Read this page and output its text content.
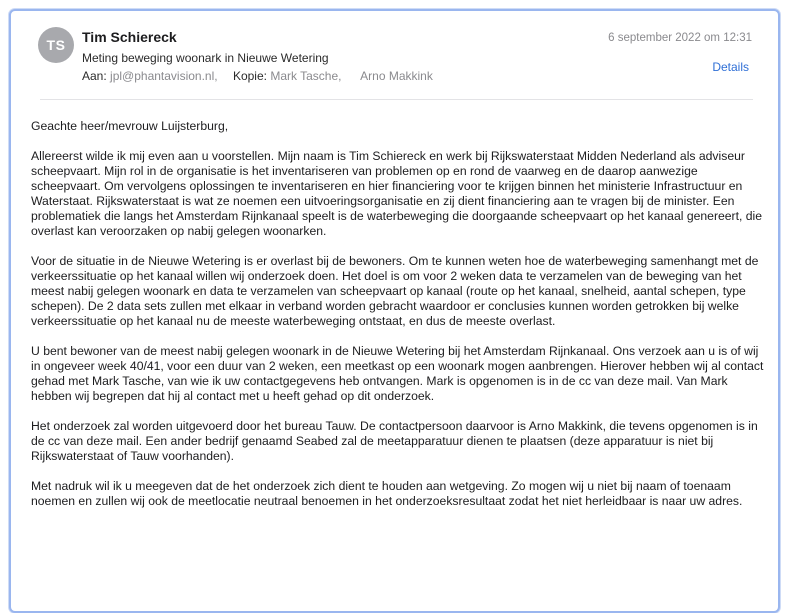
TS Tim Schiereck
Meting beweging woonark in Nieuwe Wetering
Aan: jpl@phantavision.nl, Kopie: Mark Tasche, Arno Makkink
6 september 2022 om 12:31
Details

Geachte heer/mevrouw Luijsterburg,

Allereerst wilde ik mij even aan u voorstellen. Mijn naam is Tim Schiereck en werk bij Rijkswaterstaat Midden Nederland als adviseur scheepvaart. Mijn rol in de organisatie is het inventariseren van problemen op en rond de vaarweg en de daarop aanwezige scheepvaart. Om vervolgens oplossingen te inventariseren en hier financiering voor te krijgen binnen het ministerie Infrastructuur en Waterstaat. Rijkswaterstaat is wat ze noemen een uitvoeringsorganisatie en zij dient financiering aan te vragen bij de minister. Een problematiek die langs het Amsterdam Rijnkanaal speelt is de waterbeweging die doorgaande scheepvaart op het kanaal genereert, die overlast kan veroorzaken op nabij gelegen woonarken.

Voor de situatie in de Nieuwe Wetering is er overlast bij de bewoners. Om te kunnen weten hoe de waterbeweging samenhangt met de verkeerssituatie op het kanaal willen wij onderzoek doen. Het doel is om voor 2 weken data te verzamelen van de beweging van het meest nabij gelegen woonark en data te verzamelen van scheepvaart op kanaal (route op het kanaal, snelheid, aantal schepen, type schepen). De 2 data sets zullen met elkaar in verband worden gebracht waardoor er conclusies kunnen worden getrokken bij welke verkeerssituatie op het kanaal nu de meeste waterbeweging ontstaat, en dus de meeste overlast.

U bent bewoner van de meest nabij gelegen woonark in de Nieuwe Wetering bij het Amsterdam Rijnkanaal. Ons verzoek aan u is of wij in ongeveer week 40/41, voor een duur van 2 weken, een meetkast op een woonark mogen aanbrengen. Hierover hebben wij al contact gehad met Mark Tasche, van wie ik uw contactgegevens heb ontvangen. Mark is opgenomen is in de cc van deze mail. Van Mark hebben wij begrepen dat hij al contact met u heeft gehad op dit onderzoek.

Het onderzoek zal worden uitgevoerd door het bureau Tauw. De contactpersoon daarvoor is Arno Makkink, die tevens opgenomen is in de cc van deze mail. Een ander bedrijf genaamd Seabed zal de meetapparatuur dienen te plaatsen (deze apparatuur is niet bij Rijkswaterstaat of Tauw voorhanden).

Met nadruk wil ik u meegeven dat de het onderzoek zich dient te houden aan wetgeving. Zo mogen wij u niet bij naam of toenaam noemen en zullen wij ook de meetlocatie neutraal benoemen in het onderzoeksresultaat zodat het niet herleidbaar is naar uw adres.
